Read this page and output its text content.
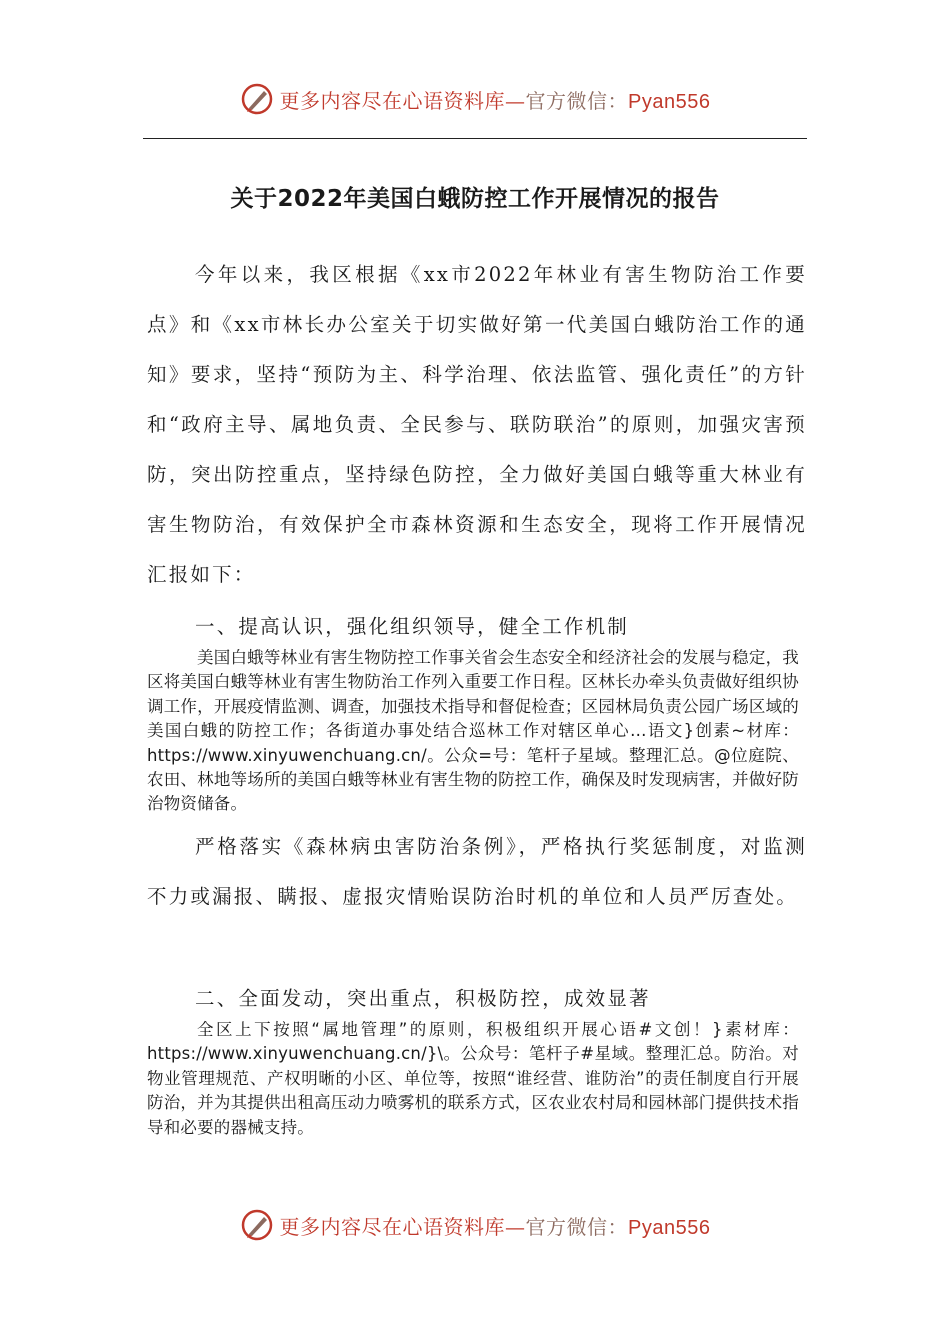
更多内容尽在心语资料库—官方微信：Pyan556
关于2022年美国白蛾防控工作开展情况的报告

今年以来，我区根据《xx市2022年林业有害生物防治工作要点》和《xx市林长办公室关于切实做好第一代美国白蛾防治工作的通知》要求，坚持“预防为主、科学治理、依法监管、强化责任”的方针和“政府主导、属地负责、全民参与、联防联治”的原则，加强灾害预防，突出防控重点，坚持绿色防控，全力做好美国白蛾等重大林业有害生物防治，有效保护全市森林资源和生态安全，现将工作开展情况汇报如下：

一、提高认识，强化组织领导，健全工作机制

美国白蛾等林业有害生物防控工作事关省会生态安全和经济社会的发展与稳定，我区将美国白蛾等林业有害生物防治工作列入重要工作日程。区林长办牵头负责做好组织协调工作，开展疫情监测、调查，加强技术指导和督促检查；区园林局负责公园广场区域的美国白蛾的防控工作；各街道办事处结合巡林工作对辖区单心…语文}创素~材库：https://www.xinyuwenchuang.cn/。公众=号：笔杆子星域。整理汇总。@位庭院、农田、林地等场所的美国白蛾等林业有害生物的防控工作，确保及时发现病害，并做好防治物资储备。

严格落实《森林病虫害防治条例》，严格执行奖惩制度，对监测不力或漏报、瞒报、虚报灾情贻误防治时机的单位和人员严厉查处。

二、全面发动，突出重点，积极防控，成效显著

全区上下按照“属地管理”的原则，积极组织开展心语#文创！}素材库：https://www.xinyuwenchuang.cn/}\。公众号：笔杆子#星域。整理汇总。防治。对物业管理规范、产权明晰的小区、单位等，按照“谁经营、谁防治”的责任制度自行开展防治，并为其提供出租高压动力喷雾机的联系方式，区农业农村局和园林部门提供技术指导和必要的器械支持。

更多内容尽在心语资料库—官方微信：Pyan556
